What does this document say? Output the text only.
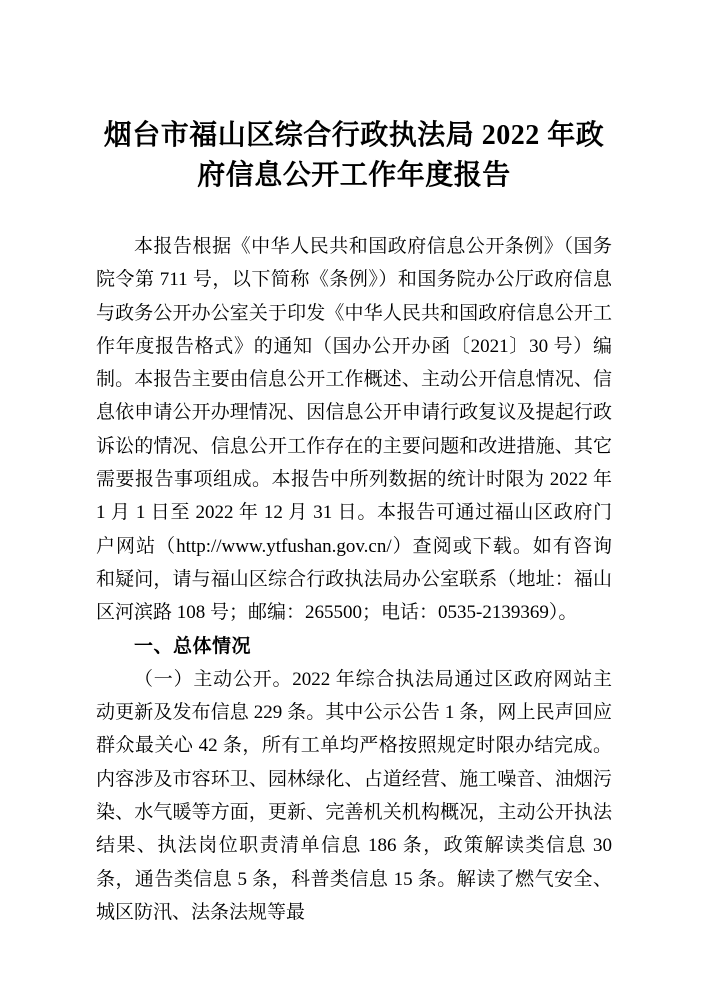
烟台市福山区综合行政执法局 2022 年政府信息公开工作年度报告

本报告根据《中华人民共和国政府信息公开条例》（国务院令第 711 号，以下简称《条例》）和国务院办公厅政府信息与政务公开办公室关于印发《中华人民共和国政府信息公开工作年度报告格式》的通知（国办公开办函〔2021〕30 号）编制。本报告主要由信息公开工作概述、主动公开信息情况、信息依申请公开办理情况、因信息公开申请行政复议及提起行政诉讼的情况、信息公开工作存在的主要问题和改进措施、其它需要报告事项组成。本报告中所列数据的统计时限为 2022 年 1 月 1 日至 2022 年 12 月 31 日。本报告可通过福山区政府门户网站（http://www.ytfushan.gov.cn/）查阅或下载。如有咨询和疑问，请与福山区综合行政执法局办公室联系（地址：福山区河滨路 108 号；邮编：265500；电话：0535-2139369）。

一、总体情况

（一）主动公开。2022 年综合执法局通过区政府网站主动更新及发布信息 229 条。其中公示公告 1 条，网上民声回应群众最关心 42 条，所有工单均严格按照规定时限办结完成。内容涉及市容环卫、园林绿化、占道经营、施工噪音、油烟污染、水气暖等方面，更新、完善机关机构概况，主动公开执法结果、执法岗位职责清单信息 186 条，政策解读类信息 30 条，通告类信息 5 条，科普类信息 15 条。解读了燃气安全、城区防汛、法条法规等最
